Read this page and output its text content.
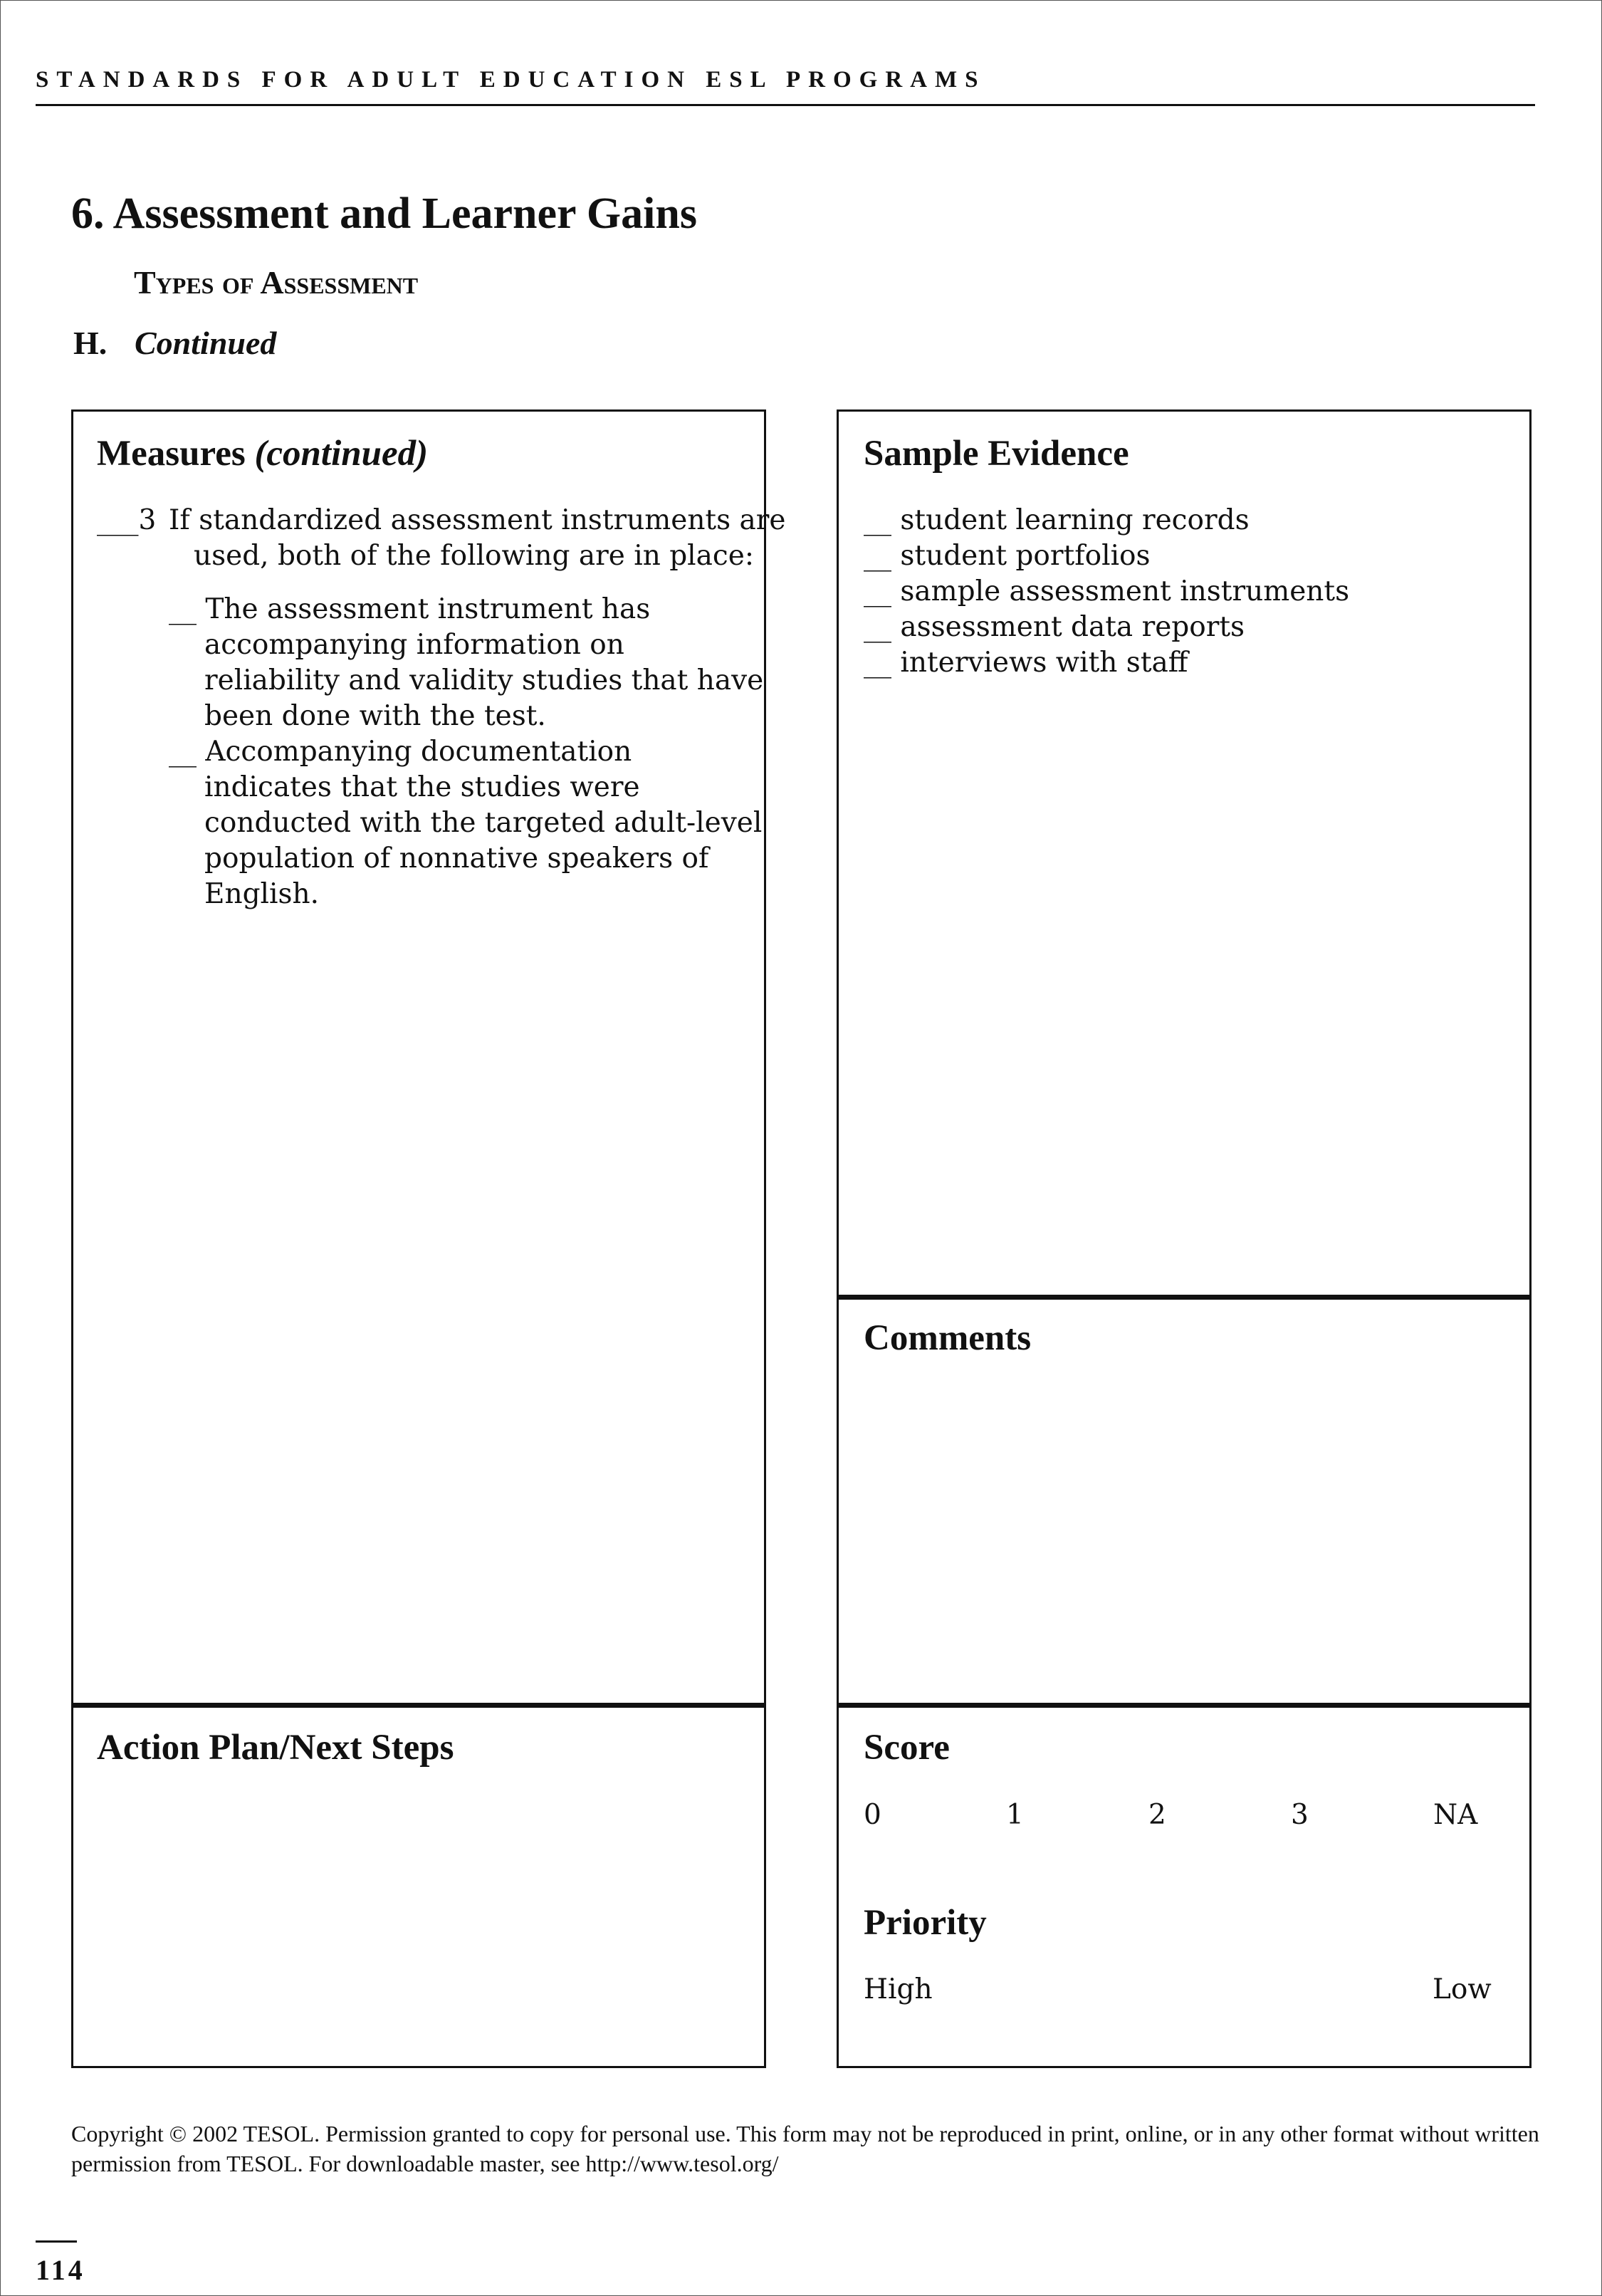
STANDARDS FOR ADULT EDUCATION ESL PROGRAMS
6. Assessment and Learner Gains
Types of Assessment
H. Continued
Measures (continued)
___3 If standardized assessment instruments are
used, both of the following are in place:
__ The assessment instrument has
accompanying information on
reliability and validity studies that have
been done with the test.
__ Accompanying documentation
indicates that the studies were
conducted with the targeted adult-level
population of nonnative speakers of
English.
Sample Evidence
__ student learning records
__ student portfolios
__ sample assessment instruments
__ assessment data reports
__ interviews with staff
Comments
Action Plan/Next Steps	Score
0	1	2	3	NA
Priority
High	Low
Copyright © 2002 TESOL. Permission granted to copy for personal use. This form may not be reproduced in print, online, or in any other format without written permission from TESOL. For downloadable master, see http://www.tesol.org/
114
